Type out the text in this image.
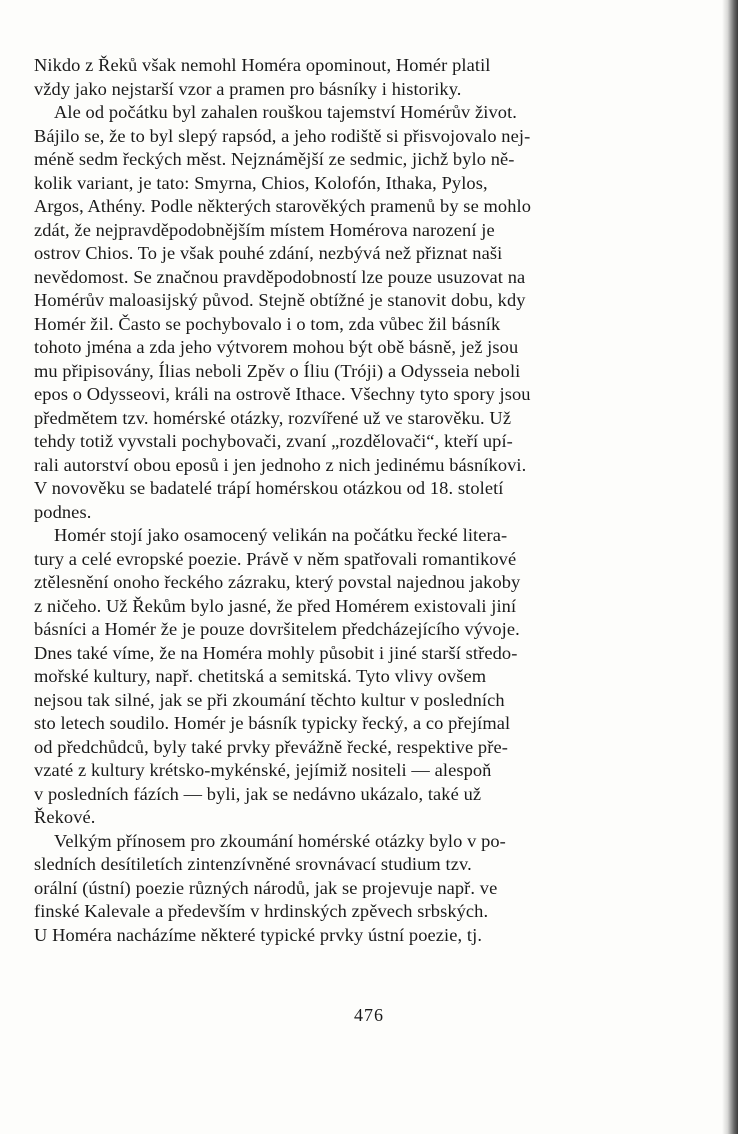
Nikdo z Řeků však nemohl Homéra opominout, Homér platil
vždy jako nejstarší vzor a pramen pro básníky i historiky.
Ale od počátku byl zahalen rouškou tajemství Homérův život.
Bájilo se, že to byl slepý rapsód, a jeho rodiště si přisvojovalo nej-
méně sedm řeckých měst. Nejznámější ze sedmic, jichž bylo ně-
kolik variant, je tato: Smyrna, Chios, Kolofón, Ithaka, Pylos,
Argos, Athény. Podle některých starověkých pramenů by se mohlo
zdát, že nejpravděpodobnějším místem Homérova narození je
ostrov Chios. To je však pouhé zdání, nezbývá než přiznat naši
nevědomost. Se značnou pravděpodobností lze pouze usuzovat na
Homérův maloasijský původ. Stejně obtížné je stanovit dobu, kdy
Homér žil. Často se pochybovalo i o tom, zda vůbec žil básník
tohoto jména a zda jeho výtvorem mohou být obě básně, jež jsou
mu připisovány, Ílias neboli Zpěv o Íliu (Tróji) a Odysseia neboli
epos o Odysseovi, králi na ostrově Ithace. Všechny tyto spory jsou
předmětem tzv. homérské otázky, rozvířené už ve starověku. Už
tehdy totiž vyvstali pochybovači, zvaní „rozdělovači“, kteří upí-
rali autorství obou eposů i jen jednoho z nich jedinému básníkovi.
V novověku se badatelé trápí homérskou otázkou od 18. století
podnes.
Homér stojí jako osamocený velikán na počátku řecké litera-
tury a celé evropské poezie. Právě v něm spatřovali romantikové
ztělesnění onoho řeckého zázraku, který povstal najednou jakoby
z ničeho. Už Řekům bylo jasné, že před Homérem existovali jiní
básníci a Homér že je pouze dovršitelem předcházejícího vývoje.
Dnes také víme, že na Homéra mohly působit i jiné starší středo-
mořské kultury, např. chetitská a semitská. Tyto vlivy ovšem
nejsou tak silné, jak se při zkoumání těchto kultur v posledních
sto letech soudilo. Homér je básník typicky řecký, a co přejímal
od předchůdců, byly také prvky převážně řecké, respektive pře-
vzaté z kultury krétsko-mykénské, jejímiž nositeli — alespoň
v posledních fázích — byli, jak se nedávno ukázalo, také už
Řekové.
Velkým přínosem pro zkoumání homérské otázky bylo v po-
sledních desítiletích zintenzívněné srovnávací studium tzv.
orální (ústní) poezie různých národů, jak se projevuje např. ve
finské Kalevale a především v hrdinských zpěvech srbských.
U Homéra nacházíme některé typické prvky ústní poezie, tj.
476
